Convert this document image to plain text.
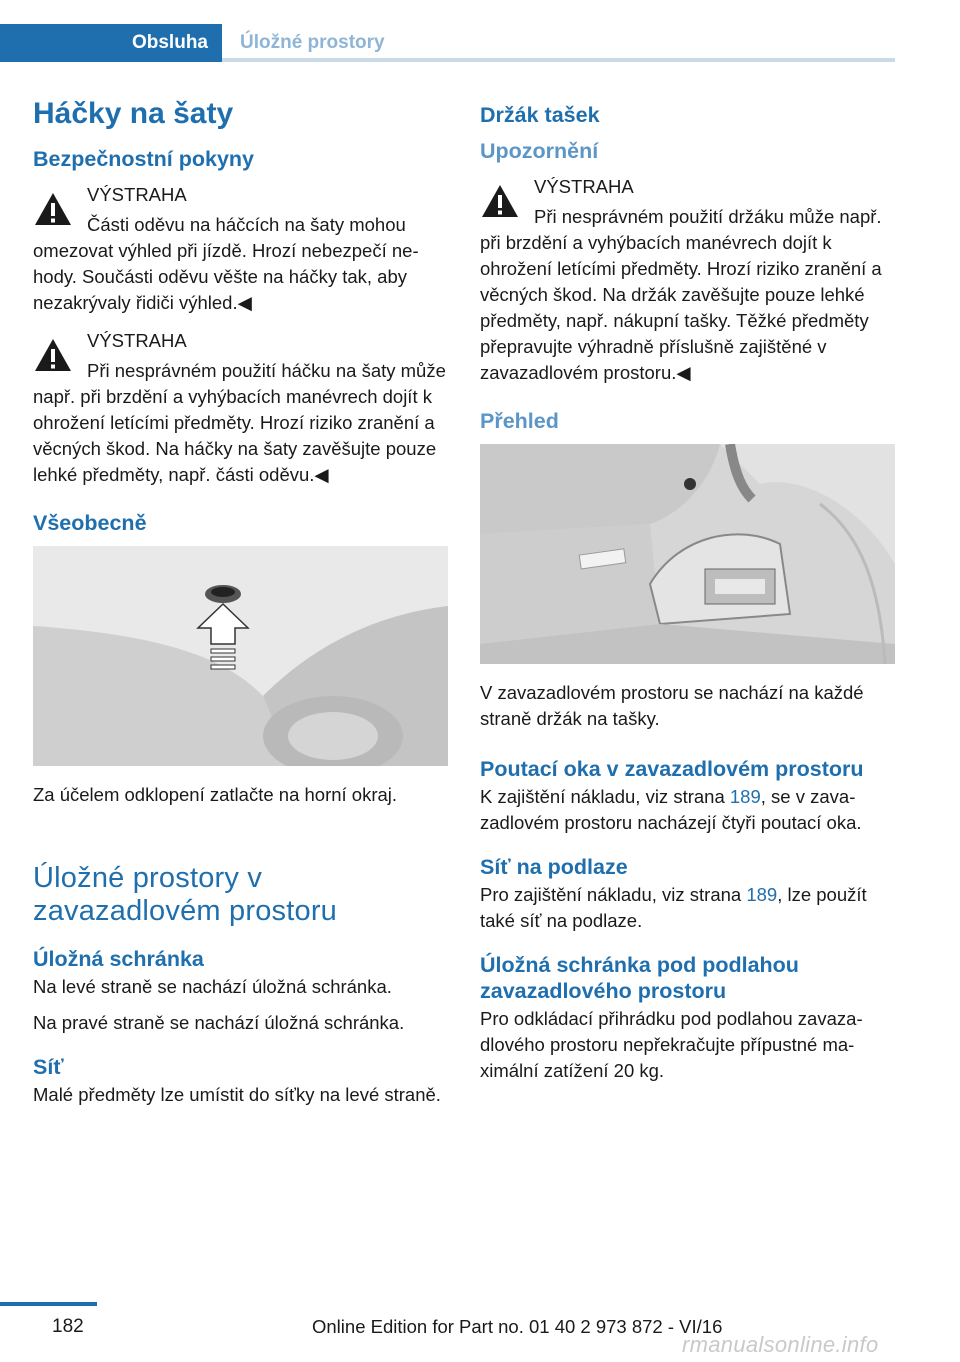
Obsluha	Úložné prostory
Háčky na šaty
Bezpečnostní pokyny

VÝSTRAHA

Části oděvu na háčcích na šaty mohou omezovat výhled při jízdě. Hrozí nebezpečí nehody. Součásti oděvu věšte na háčky tak, aby nezakrývaly řidiči výhled.◀

VÝSTRAHA

Při nesprávném použití háčku na šaty může např. při brzdění a vyhýbacích manévrech dojít k ohrožení letícími předměty. Hrozí riziko zranění a věcných škod. Na háčky na šaty zavěšujte pouze lehké předměty, např. části oděvu.◀

Všeobecně

Za účelem odklopení zatlačte na horní okraj.

Úložné prostory v zavazadlovém prostoru
Úložná schránka

Na levé straně se nachází úložná schránka.

Na pravé straně se nachází úložná schránka.

Síť

Malé předměty lze umístit do síťky na levé straně.

Držák tašek
Upozornění

VÝSTRAHA

Při nesprávném použití držáku může např. při brzdění a vyhýbacích manévrech dojít k ohrožení letícími předměty. Hrozí riziko zranění a věcných škod. Na držák zavěšujte pouze lehké předměty, např. nákupní tašky. Těžké předměty přepravujte výhradně příslušně zajištěné v zavazadlovém prostoru.◀

Přehled

V zavazadlovém prostoru se nachází na každé straně držák na tašky.

Poutací oka v zavazadlovém prostoru

K zajištění nákladu, viz strana 189, se v zavazadlovém prostoru nacházejí čtyři poutací oka.

Síť na podlaze

Pro zajištění nákladu, viz strana 189, lze použít také síť na podlaze.

Úložná schránka pod podlahou zavazadlového prostoru

Pro odkládací přihrádku pod podlahou zavazadlového prostoru nepřekračujte přípustné maximální zatížení 20 kg.

182	Online Edition for Part no. 01 40 2 973 872 - VI/16
rmanualsonline.info
